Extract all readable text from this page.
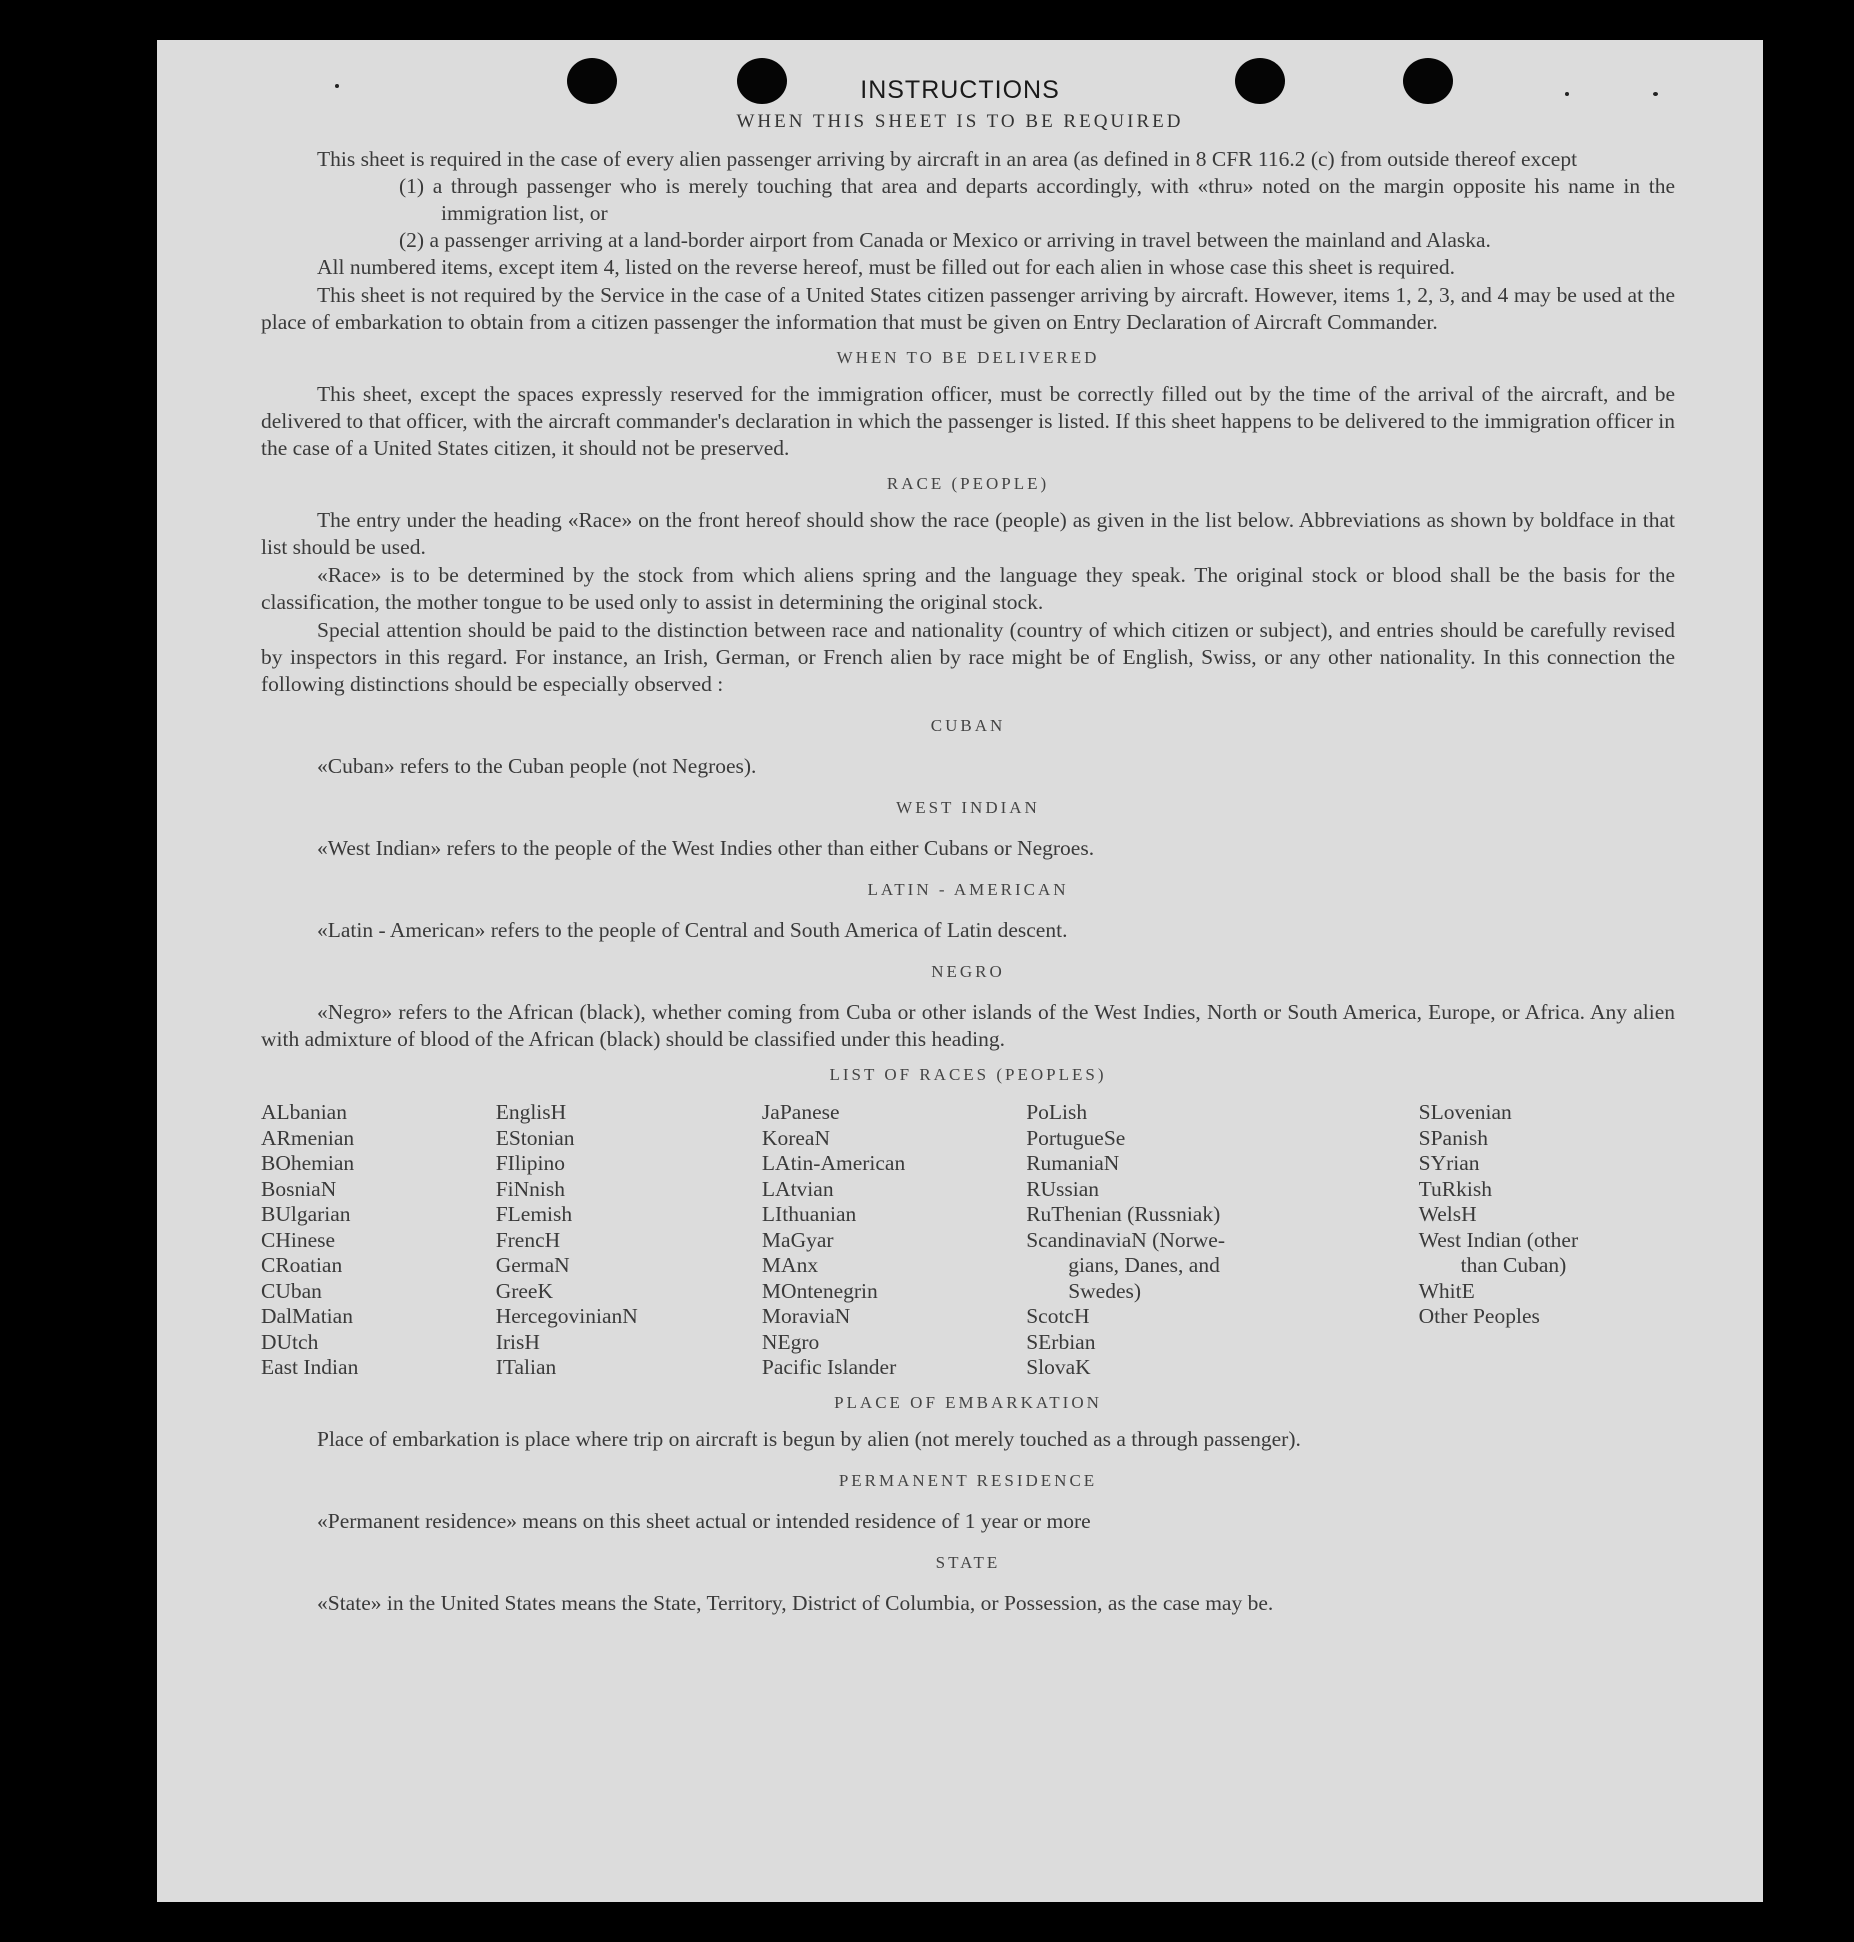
INSTRUCTIONS
WHEN THIS SHEET IS TO BE REQUIRED

This sheet is required in the case of every alien passenger arriving by aircraft in an area (as defined in 8 CFR 116.2 (c) from outside thereof except

(1) a through passenger who is merely touching that area and departs accordingly, with «thru» noted on the margin opposite his name in the immigration list, or

(2) a passenger arriving at a land-border airport from Canada or Mexico or arriving in travel between the mainland and Alaska.

All numbered items, except item 4, listed on the reverse hereof, must be filled out for each alien in whose case this sheet is required.

This sheet is not required by the Service in the case of a United States citizen passenger arriving by aircraft. However, items 1, 2, 3, and 4 may be used at the place of embarkation to obtain from a citizen passenger the information that must be given on Entry Declaration of Aircraft Commander.

WHEN TO BE DELIVERED

This sheet, except the spaces expressly reserved for the immigration officer, must be correctly filled out by the time of the arrival of the aircraft, and be delivered to that officer, with the aircraft commander's declaration in which the passenger is listed. If this sheet happens to be delivered to the immigration officer in the case of a United States citizen, it should not be preserved.

RACE (PEOPLE)

The entry under the heading «Race» on the front hereof should show the race (people) as given in the list below. Abbreviations as shown by boldface in that list should be used.

«Race» is to be determined by the stock from which aliens spring and the language they speak. The original stock or blood shall be the basis for the classification, the mother tongue to be used only to assist in determining the original stock.

Special attention should be paid to the distinction between race and nationality (country of which citizen or subject), and entries should be carefully revised by inspectors in this regard. For instance, an Irish, German, or French alien by race might be of English, Swiss, or any other nationality. In this connection the following distinctions should be especially observed :

CUBAN

«Cuban» refers to the Cuban people (not Negroes).

WEST INDIAN

«West Indian» refers to the people of the West Indies other than either Cubans or Negroes.

LATIN - AMERICAN

«Latin - American» refers to the people of Central and South America of Latin descent.

NEGRO

«Negro» refers to the African (black), whether coming from Cuba or other islands of the West Indies, North or South America, Europe, or Africa. Any alien with admixture of blood of the African (black) should be classified under this heading.

LIST OF RACES (PEOPLES)
ALbanian
ARmenian
BOhemian
BosniaN
BUlgarian
CHinese
CRoatian
CUban
DalMatian
DUtch
East Indian
EnglisH
EStonian
FIlipino
FiNnish
FLemish
FrencH
GermaN
GreeK
HercegovinianN
IrisH
ITalian
JaPanese
KoreaN
LAtin-American
LAtvian
LIthuanian
MaGyar
MAnx
MOntenegrin
MoraviaN
NEgro
Pacific Islander
PoLish
PortugueSe
RumaniaN
RUssian
RuThenian (Russniak)
ScandinaviaN (Norwe-
gians, Danes, and
Swedes)
ScotcH
SErbian
SlovaK
SLovenian
SPanish
SYrian
TuRkish
WelsH
West Indian (other
than Cuban)
WhitE
Other Peoples
PLACE OF EMBARKATION

Place of embarkation is place where trip on aircraft is begun by alien (not merely touched as a through passenger).

PERMANENT RESIDENCE

«Permanent residence» means on this sheet actual or intended residence of 1 year or more

STATE

«State» in the United States means the State, Territory, District of Columbia, or Possession, as the case may be.
